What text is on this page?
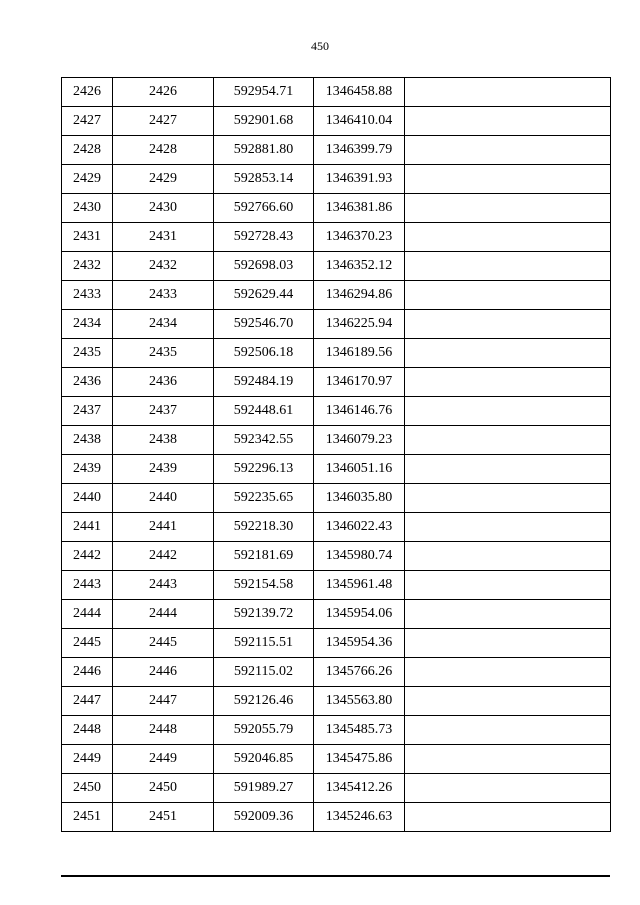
450
2426	2426	592954.71	1346458.88	
2427	2427	592901.68	1346410.04	
2428	2428	592881.80	1346399.79	
2429	2429	592853.14	1346391.93	
2430	2430	592766.60	1346381.86	
2431	2431	592728.43	1346370.23	
2432	2432	592698.03	1346352.12	
2433	2433	592629.44	1346294.86	
2434	2434	592546.70	1346225.94	
2435	2435	592506.18	1346189.56	
2436	2436	592484.19	1346170.97	
2437	2437	592448.61	1346146.76	
2438	2438	592342.55	1346079.23	
2439	2439	592296.13	1346051.16	
2440	2440	592235.65	1346035.80	
2441	2441	592218.30	1346022.43	
2442	2442	592181.69	1345980.74	
2443	2443	592154.58	1345961.48	
2444	2444	592139.72	1345954.06	
2445	2445	592115.51	1345954.36	
2446	2446	592115.02	1345766.26	
2447	2447	592126.46	1345563.80	
2448	2448	592055.79	1345485.73	
2449	2449	592046.85	1345475.86	
2450	2450	591989.27	1345412.26	
2451	2451	592009.36	1345246.63	
